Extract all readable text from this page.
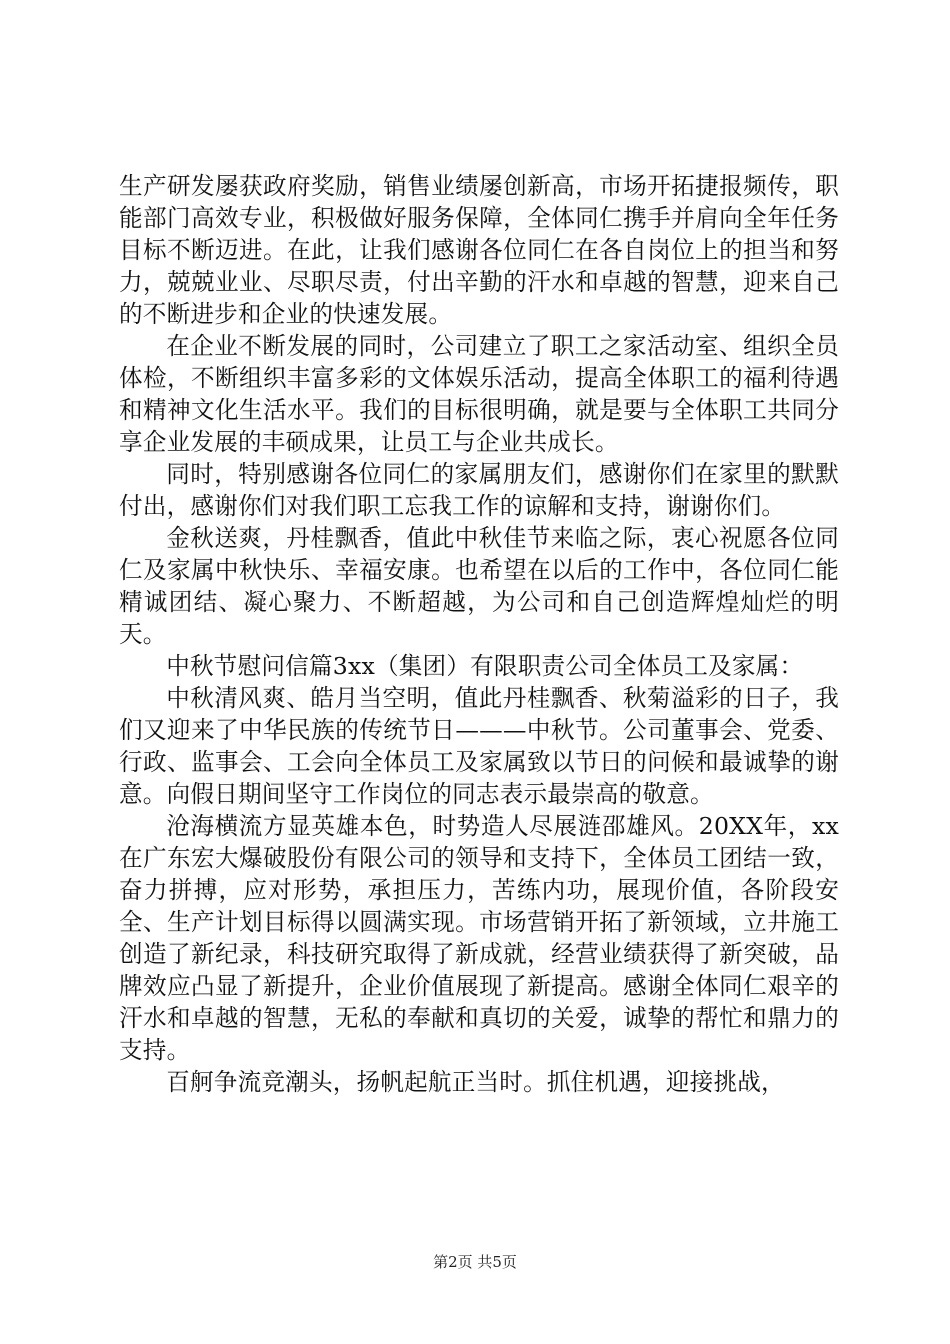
生产研发屡获政府奖励，销售业绩屡创新高，市场开拓捷报频传，职能部门高效专业，积极做好服务保障，全体同仁携手并肩向全年任务目标不断迈进。在此，让我们感谢各位同仁在各自岗位上的担当和努力，兢兢业业、尽职尽责，付出辛勤的汗水和卓越的智慧，迎来自己的不断进步和企业的快速发展。

在企业不断发展的同时，公司建立了职工之家活动室、组织全员体检，不断组织丰富多彩的文体娱乐活动，提高全体职工的福利待遇和精神文化生活水平。我们的目标很明确，就是要与全体职工共同分享企业发展的丰硕成果，让员工与企业共成长。

同时，特别感谢各位同仁的家属朋友们，感谢你们在家里的默默付出，感谢你们对我们职工忘我工作的谅解和支持，谢谢你们。

金秋送爽，丹桂飘香，值此中秋佳节来临之际，衷心祝愿各位同仁及家属中秋快乐、幸福安康。也希望在以后的工作中，各位同仁能精诚团结、凝心聚力、不断超越，为公司和自己创造辉煌灿烂的明天。

中秋节慰问信篇3xx（集团）有限职责公司全体员工及家属：

中秋清风爽、皓月当空明，值此丹桂飘香、秋菊溢彩的日子，我们又迎来了中华民族的传统节日———中秋节。公司董事会、党委、行政、监事会、工会向全体员工及家属致以节日的问候和最诚挚的谢意。向假日期间坚守工作岗位的同志表示最崇高的敬意。

沧海横流方显英雄本色，时势造人尽展涟邵雄风。20XX年，xx在广东宏大爆破股份有限公司的领导和支持下，全体员工团结一致，奋力拼搏，应对形势，承担压力，苦练内功，展现价值，各阶段安全、生产计划目标得以圆满实现。市场营销开拓了新领域，立井施工创造了新纪录，科技研究取得了新成就，经营业绩获得了新突破，品牌效应凸显了新提升，企业价值展现了新提高。感谢全体同仁艰辛的汗水和卓越的智慧，无私的奉献和真切的关爱，诚挚的帮忙和鼎力的支持。

百舸争流竞潮头，扬帆起航正当时。抓住机遇，迎接挑战，

第2页 共5页
